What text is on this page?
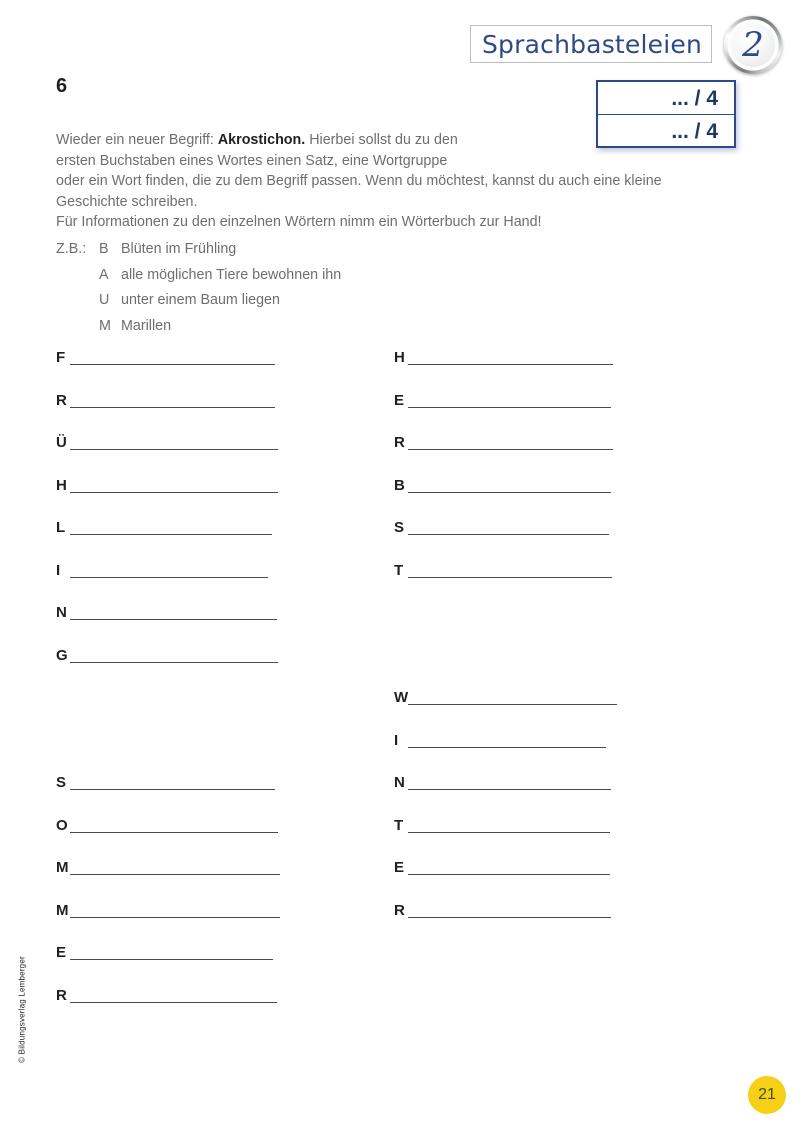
Sprachbasteleien	2
... / 4
... / 4
6
Wieder ein neuer Begriff: Akrostichon. Hierbei sollst du zu den
ersten Buchstaben eines Wortes einen Satz, eine Wortgruppe
oder ein Wort finden, die zu dem Begriff passen. Wenn du möchtest, kannst du auch eine kleine
Geschichte schreiben.
Für Informationen zu den einzelnen Wörtern nimm ein Wörterbuch zur Hand!
Z.B.: B Blüten im Frühling
A alle möglichen Tiere bewohnen ihn
U unter einem Baum liegen
M Marillen
F
R
Ü
H
L
I
N
G
S
O
M
M
E
R
H
E
R
B
S
T
W
I
N
T
E
R
© Bildungsverlag Lemberger
21
